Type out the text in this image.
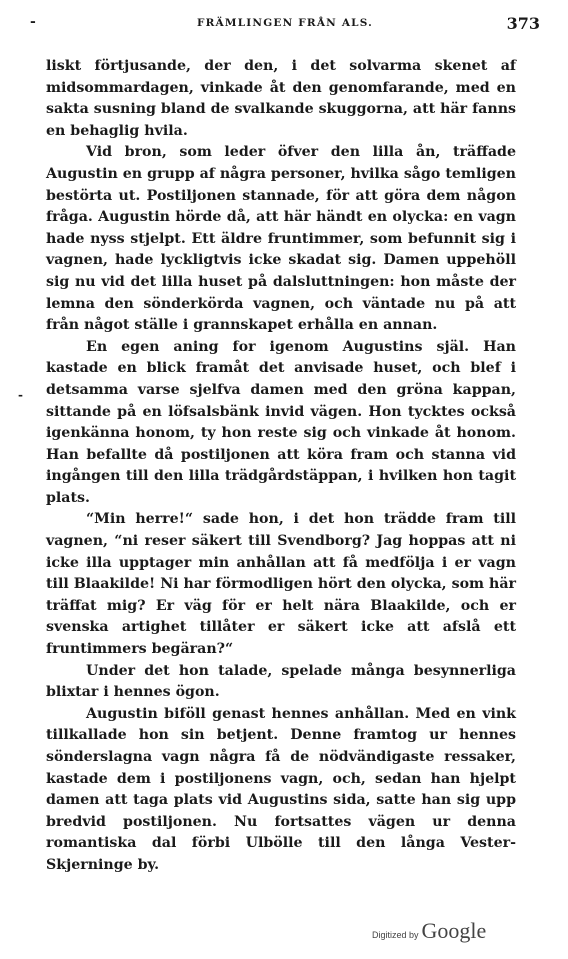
-	FRÄMLINGEN FRÅN ALS.	373
-

liskt förtjusande, der den, i det solvarma skenet af midsommardagen, vinkade åt den genomfarande, med en sakta susning bland de svalkande skuggorna, att här fanns en behaglig hvila.

Vid bron, som leder öfver den lilla ån, träffade Augustin en grupp af några personer, hvilka sågo temligen bestörta ut. Postiljonen stannade, för att göra dem någon fråga. Augustin hörde då, att här händt en olycka: en vagn hade nyss stjelpt. Ett äldre fruntimmer, som befunnit sig i vagnen, hade lyckligtvis icke skadat sig. Damen uppehöll sig nu vid det lilla huset på dalsluttningen: hon måste der lemna den sönderkörda vagnen, och väntade nu på att från något ställe i grannskapet erhålla en annan.

En egen aning for igenom Augustins själ. Han kastade en blick framåt det anvisade huset, och blef i detsamma varse sjelfva damen med den gröna kappan, sittande på en löfsalsbänk invid vägen. Hon tycktes också igenkänna honom, ty hon reste sig och vinkade åt honom. Han befallte då postiljonen att köra fram och stanna vid ingången till den lilla trädgårdstäppan, i hvilken hon tagit plats.

“Min herre!“ sade hon, i det hon trädde fram till vagnen, “ni reser säkert till Svendborg? Jag hoppas att ni icke illa upptager min anhållan att få medfölja i er vagn till Blaakilde! Ni har förmodligen hört den olycka, som här träffat mig? Er väg för er helt nära Blaakilde, och er svenska artighet tillåter er säkert icke att afslå ett fruntimmers begäran?“

Under det hon talade, spelade många besynnerliga blixtar i hennes ögon.

Augustin biföll genast hennes anhållan. Med en vink tillkallade hon sin betjent. Denne framtog ur hennes sönderslagna vagn några få de nödvändigaste ressaker, kastade dem i postiljonens vagn, och, sedan han hjelpt damen att taga plats vid Augustins sida, satte han sig upp bredvid postiljonen. Nu fortsattes vägen ur denna romantiska dal förbi Ulbölle till den långa Vester-Skjerninge by.

Digitized by Google
